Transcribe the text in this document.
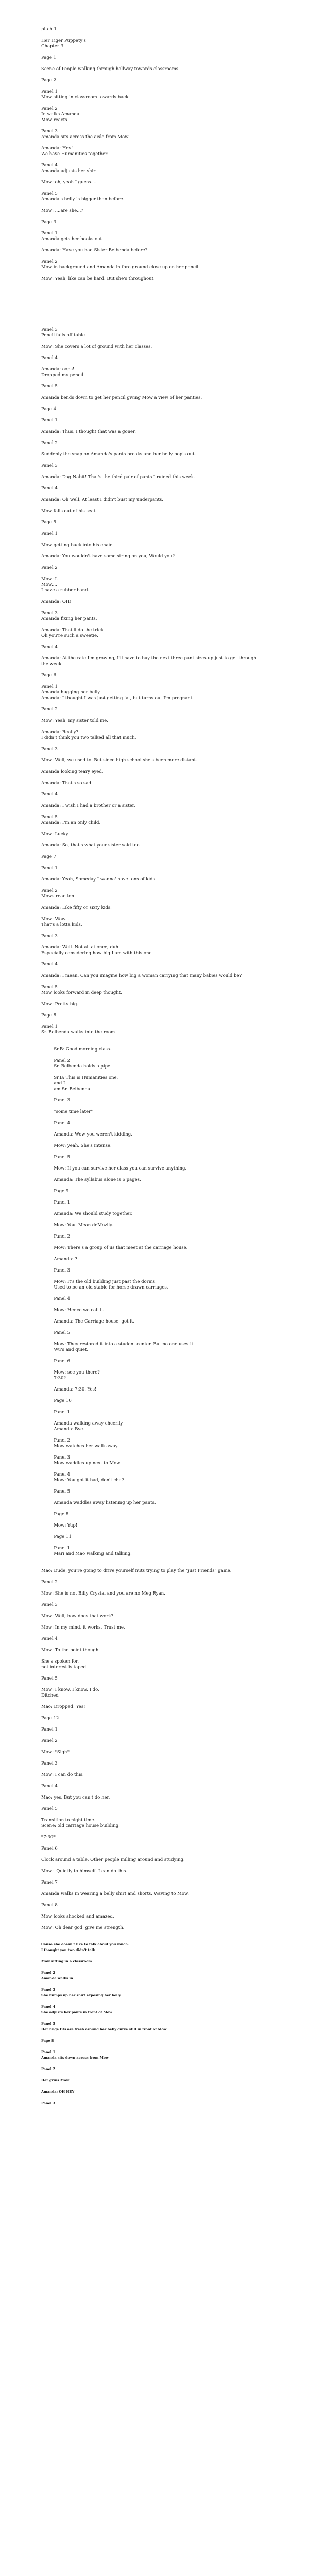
pitch 1
Her Tiger Puppety's
Chapter 3
Page 1
Scene of People walking through hallway towards classrooms.
Page 2
Panel 1
Mow sitting in classroom towards back.
Panel 2
In walks Amanda
Mow reacts
Panel 3
Amanda sits across the aisle from Mow
Amanda: Hey!
We have Humanities together.
Panel 4
Amanda adjusts her shirt
Mow: oh, yeah I guess....
Panel 5
Amanda's belly is bigger than before.
Mow: ....are she...?
Page 3
Panel 1
Amanda gets her books out
Amanda: Have you had Sister Belbenda before?
Panel 2
Mow in background and Amanda in fore ground close up on her pencil
Mow: Yeah, like can be hard. But she's throughout.
Panel 3
Pencil falls off table
Mow: She covers a lot of ground with her classes.
Panel 4
Amanda: oops!
Dropped my pencil
Panel 5
Amanda bends down to get her pencil giving Mow a view of her panties.
Page 4
Panel 1
Amanda: Thus, I thought that was a goner.
Panel 2
Suddenly the snap on Amanda's pants breaks and her belly pop's out.
Panel 3
Amanda: Dag Nabit! That's the third pair of pants I ruined this week.
Panel 4
Amanda: Oh well, At least I didn't bust my underpants.
Mow falls out of his seat.
Page 5
Panel 1
Mow getting back into his chair
Amanda: You wouldn't have some string on you, Would you?
Panel 2
Mow: I...
Mow....
I have a rubber band.
Amanda: OH!
Panel 3
Amanda fixing her pants.
Amanda: That'll do the trick
Oh you're such a sweetie.
Panel 4
Amanda: At the rate I'm growing, I'll have to buy the next three pant sizes up just to get through the week.
Page 6
Panel 1
Amanda hugging her belly
Amanda: I thought I was just getting fat, but turns out I'm pregnant.
Panel 2
Mow: Yeah, my sister told me.
Amanda: Really?
I didn't think you two talked all that much.
Panel 3
Mow: Well, we used to. But since high school she's been more distant.
Amanda looking teary eyed.
Amanda: That's so sad.
Panel 4
Amanda: I wish I had a brother or a sister.
Panel 5
Amanda: I'm an only child.
Mow: Lucky.
Amanda: So, that's what your sister said too.
Page 7
Panel 1
Amanda: Yeah, Someday I wanna' have tons of kids.
Panel 2
Mows reaction
Amanda: Like fifty or sixty kids.
Mow: Wow....
That's a lotta kids.
Panel 3
Amanda: Well. Not all at once, duh.
Especially considering how big I am with this one.
Panel 4
Amanda: I mean, Can you imagine how big a woman carrying that many babies would be?
Panel 5
Mow looks forward in deep thought.
Mow: Pretty big.
Page 8
Panel 1
Sr. Belbenda walks into the room
Sr.B: Good morning class.
Panel 2
Sr. Belbenda holds a pipe
Sr.B: This is Humanities one,
and I
am Sr. Belbenda.
Panel 3
*some time later*
Panel 4
Amanda: Wow you weren't kidding.
Mow: yeah. She's intense.
Panel 5
Mow: If you can survive her class you can survive anything.
Amanda: The syllabus alone is 6 pages.
Page 9
Panel 1
Amanda: We should study together.
Mow: You. Mean deMozily.
Panel 2
Mow: There's a group of us that meet at the carriage house.
Amanda: ?
Panel 3
Mow: It's the old building just past the dorms.
Used to be an old stable for horse drawn carriages.
Panel 4
Mow: Hence we call it.
Amanda: The Carriage house, got it.
Panel 5
Mow: They restored it into a student center. But no one uses it.
Wu's and quiet.
Panel 6
Mow: see you there?
7:30?
Amanda: 7:30. Yes!
Page 10
Panel 1
Amanda walking away cheerily
Amanda: Bye.
Panel 2
Mow watches her walk away.
Panel 3
Mow waddles up next to Mow
Panel 4
Mow: You got it bad, don't cha?
Panel 5
Amanda waddles away listening up her pants.
Page 8
Mow: Yup!
Page 11
Panel 1
Mari and Mao walking and talking.
Mao: Dude, you're going to drive yourself nuts trying to play the "just Friends" game.
Panel 2
Mow: She is not Billy Crystal and you are no Meg Ryan.
Panel 3
Mow: Well, how does that work?
Mow: In my mind, it works. Trust me.
Panel 4
Mow: To the point though
She's spoken for,
not interest is taped.
Panel 5
Mow: I know. I know. I do,
Ditched
Mao: Dropped! Yes!
Page 12
Panel 1
Panel 2
Mow: *Sigh*
Panel 3
Mow: I can do this.
Panel 4
Mao: yes. But you can't do her.
Panel 5
Transition to night time.
Scene: old carriage house building.
*7:30*
Panel 6
Clock around a table. Other people milling around and studying.
Mow:  Quietly to himself. I can do this.
Panel 7
Amanda walks in wearing a belly shirt and shorts. Waving to Mow.
Panel 8
Mow looks shocked and amazed.
Mow: Oh dear god, give me strength.
Cause she doesn't like to talk about you much.
I thought you two didn't talk
Mow sitting in a classroom
Panel 2
Amanda walks in
Panel 3
She bumps up her shirt exposing her belly
Panel 4
She adjusts her pants in front of Mow
Panel 5
Her huge tits are fresh around her belly curve still in front of Mow
Page 8
Panel 1
Amanda sits down across from Mow
Panel 2
Her grins Mow
Amanda: OH HEY
Panel 3
